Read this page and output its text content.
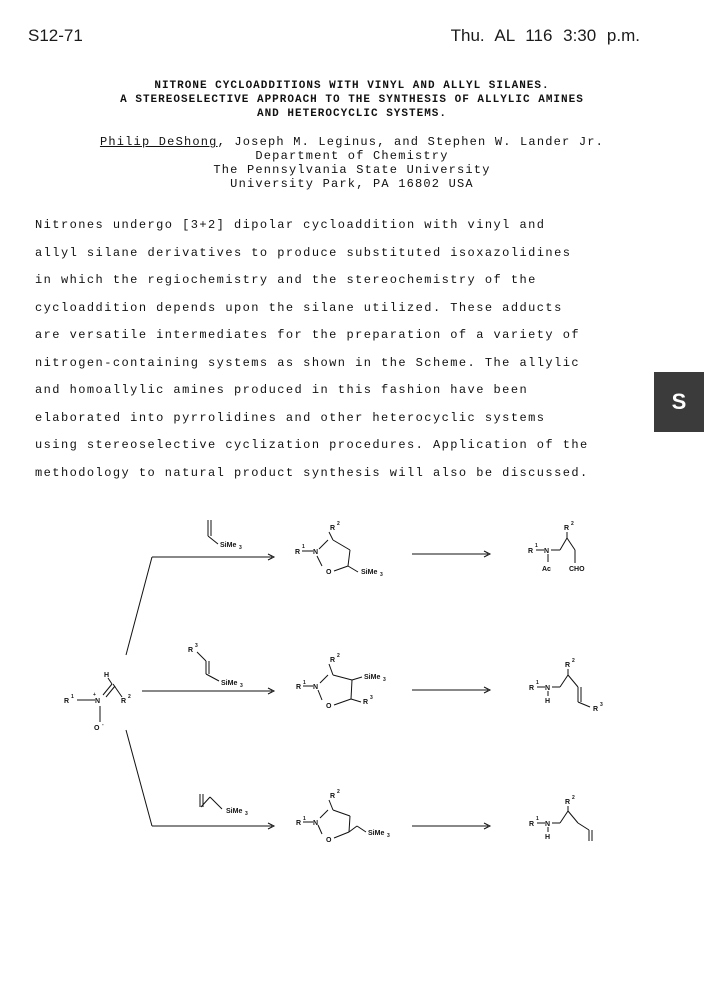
S12-71	Thu. AL 116 3:30 p.m.
NITRONE CYCLOADDITIONS WITH VINYL AND ALLYL SILANES.
A STEREOSELECTIVE APPROACH TO THE SYNTHESIS OF ALLYLIC AMINES
AND HETEROCYCLIC SYSTEMS.
Philip DeShong, Joseph M. Leginus, and Stephen W. Lander Jr.
Department of Chemistry
The Pennsylvania State University
University Park, PA 16802 USA
Nitrones undergo [3+2] dipolar cycloaddition with vinyl and
allyl silane derivatives to produce substituted isoxazolidines
in which the regiochemistry and the stereochemistry of the
cycloaddition depends upon the silane utilized. These adducts
are versatile intermediates for the preparation of a variety of
nitrogen-containing systems as shown in the Scheme. The allylic
and homoallylic amines produced in this fashion have been
elaborated into pyrrolidines and other heterocyclic systems
using stereoselective cyclization procedures. Application of the
methodology to natural product synthesis will also be discussed.
S
R
1
N
+
H
R
2
O -
SiMe 3
R
3
SiMe 3
SiMe 3
R
2
R
1
N
O	SiMe 3
R
2
SiMe 3
R
1
N
O
R
3
R
2
R
1
N
O
SiMe 3
R
1
N
R
2
Ac	CHO
R
1
N
H
R
2
R
3
R
1
N
H
R
2
